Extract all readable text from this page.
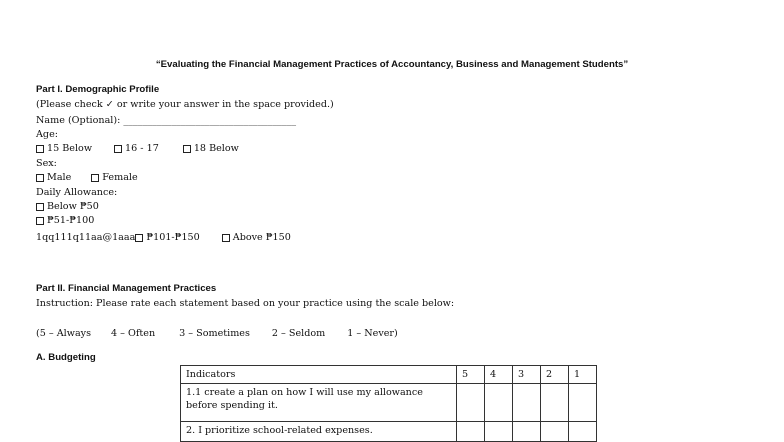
“Evaluating the Financial Management Practices of Accountancy, Business and Management Students”
Part I. Demographic Profile
(Please check ✓ or write your answer in the space provided.)
Name (Optional): ____________________________________
Age:
15 Below	16 - 17	18 Below
Sex:
Male	Female
Daily Allowance:
Below ₱50
₱51-₱100
1qq111q11aa@1aaa	₱101-₱150	Above ₱150
Part II. Financial Management Practices
Instruction: Please rate each statement based on your practice using the scale below:
(5 – Always 4 – Often	3 – Sometimes 2 – Seldom 1 – Never)
A. Budgeting
Indicators	5	4	3	2	1
1.1 create a plan on how I will use my allowance before spending it.					
2. I prioritize school-related expenses.					
